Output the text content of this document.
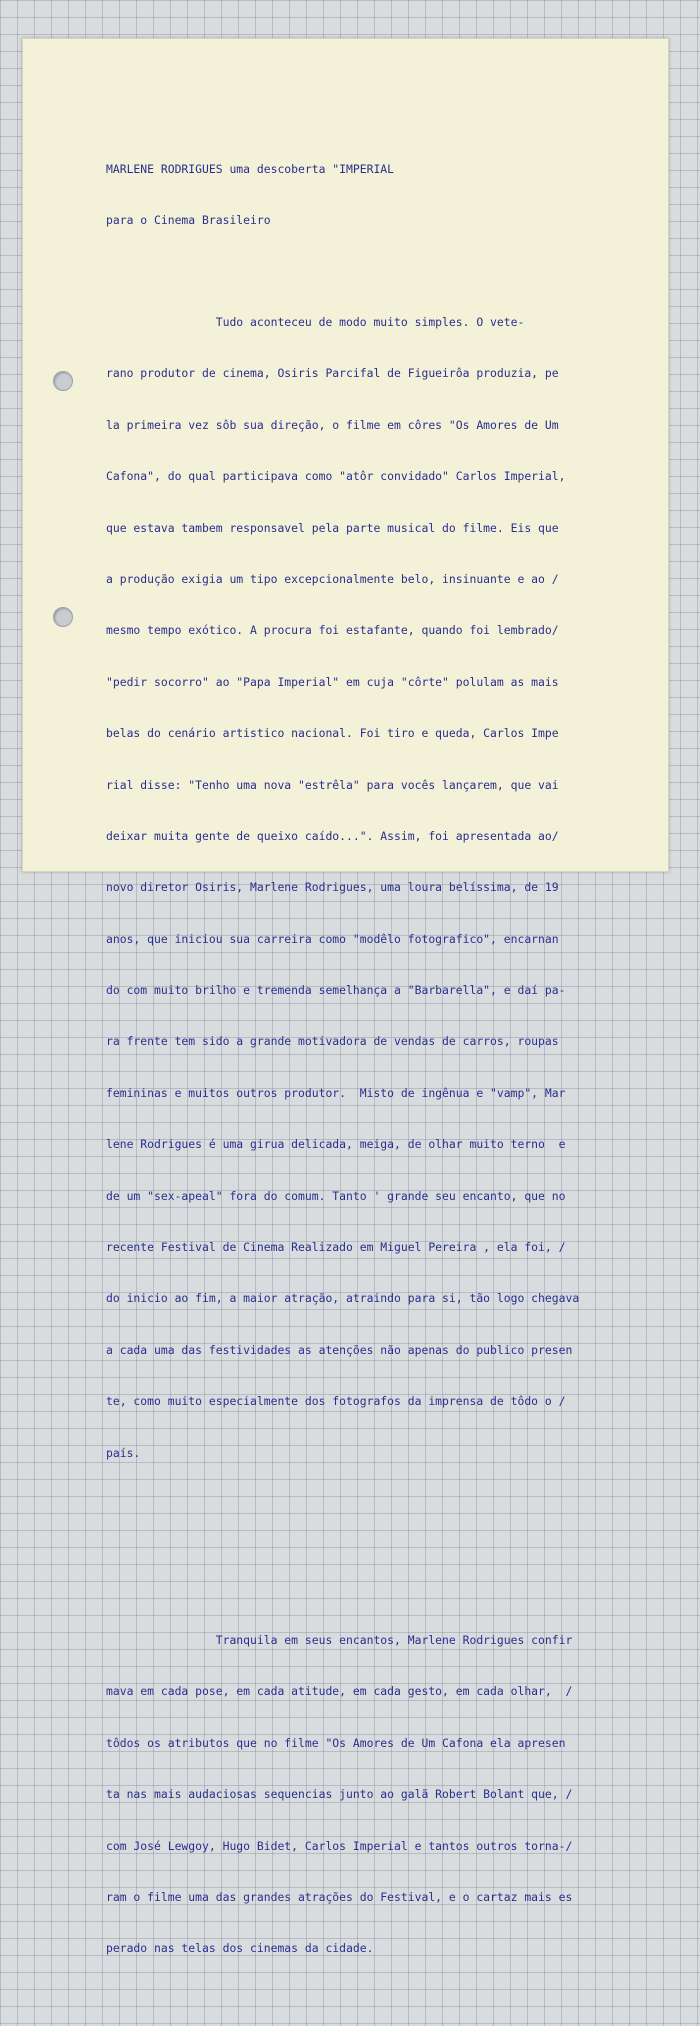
MARLENE RODRIGUES uma descoberta "IMPERIAL

para o Cinema Brasileiro

Tudo aconteceu de modo muito simples. O vete-

rano produtor de cinema, Osiris Parcifal de Figueirôa produzia, pe

la primeira vez sôb sua direção, o filme em côres "Os Amores de Um

Cafona", do qual participava como "atôr convidado" Carlos Imperial,

que estava tambem responsavel pela parte musical do filme. Eis que

a produção exigia um tipo excepcionalmente belo, insinuante e ao /

mesmo tempo exótico. A procura foi estafante, quando foi lembrado/

"pedir socorro" ao "Papa Imperial" em cuja "côrte" polulam as mais

belas do cenário artistico nacional. Foi tiro e queda, Carlos Impe

rial disse: "Tenho uma nova "estrêla" para vocês lançarem, que vai

deixar muita gente de queixo caído...". Assim, foi apresentada ao/

novo diretor Osiris, Marlene Rodrigues, uma loura belíssima, de 19

anos, que iniciou sua carreira como "modêlo fotografico", encarnan

do com muito brilho e tremenda semelhança a "Barbarella", e daí pa-

ra frente tem sido a grande motivadora de vendas de carros, roupas

femininas e muitos outros produtor.  Misto de ingênua e "vamp", Mar

lene Rodrigues é uma girua delicada, meiga, de olhar muito terno  e

de um "sex-apeal" fora do comum. Tanto ' grande seu encanto, que no

recente Festival de Cinema Realizado em Miguel Pereira , ela foi, /

do inicio ao fim, a maior atração, atraindo para si, tão logo chegava

a cada uma das festividades as atenções não apenas do publico presen

te, como muito especialmente dos fotografos da imprensa de tôdo o /

país.

Tranquila em seus encantos, Marlene Rodrigues confir

mava em cada pose, em cada atitude, em cada gesto, em cada olhar,  /

tôdos os atributos que no filme "Os Amores de Um Cafona ela apresen

ta nas mais audaciosas sequencias junto ao galã Robert Bolant que, /

com José Lewgoy, Hugo Bidet, Carlos Imperial e tantos outros torna-/

ram o filme uma das grandes atrações do Festival, e o cartaz mais es

perado nas telas dos cinemas da cidade.
